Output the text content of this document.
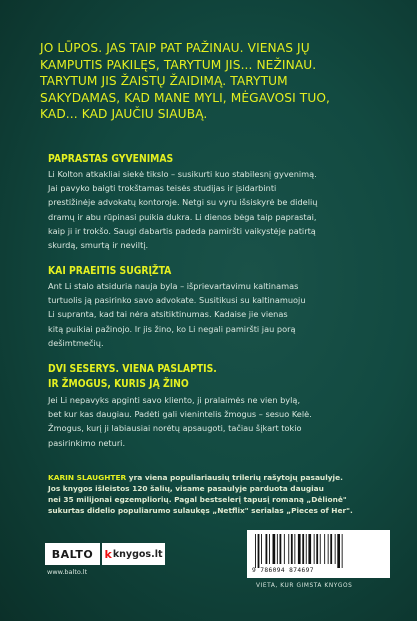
JO LŪPOS. JAS TAIP PAT PAŽINAU. VIENAS JŲ
KAMPUTIS PAKILĘS, TARYTUM JIS... NEŽINAU.
TARYTUM JIS ŽAISTŲ ŽAIDIMĄ. TARYTUM
SAKYDAMAS, KAD MANE MYLI, MĖGAVOSI TUO,
KAD... KAD JAUČIU SIAUBĄ.
PAPRASTAS GYVENIMAS
Li Kolton atkakliai siekė tikslo – susikurti kuo stabilesnį gyvenimą.
Jai pavyko baigti trokštamas teisės studijas ir įsidarbinti
prestižinėje advokatų kontoroje. Netgi su vyru išsiskyrė be didelių
dramų ir abu rūpinasi puikia dukra. Li dienos bėga taip paprastai,
kaip ji ir trokšo. Saugi dabartis padeda pamiršti vaikystėje patirtą
skurdą, smurtą ir neviltį.
KAI PRAEITIS SUGRĮŽTA
Ant Li stalo atsiduria nauja byla – išprievartavimu kaltinamas
turtuolis ją pasirinko savo advokate. Susitikusi su kaltinamuoju
Li supranta, kad tai nėra atsitiktinumas. Kadaise jie vienas
kitą puikiai pažinojo. Ir jis žino, ko Li negali pamiršti jau porą
dešimtmečių.
DVI SESERYS. VIENA PASLAPTIS.
IR ŽMOGUS, KURIS JĄ ŽINO
Jei Li nepavyks apginti savo kliento, ji pralaimės ne vien bylą,
bet kur kas daugiau. Padėti gali vienintelis žmogus – sesuo Kelė.
Žmogus, kurį ji labiausiai norėtų apsaugoti, tačiau šįkart tokio
pasirinkimo neturi.
KARIN SLAUGHTER yra viena populiariausių trilerių rašytojų pasaulyje.
Jos knygos išleistos 120 šalių, visame pasaulyje parduota daugiau
nei 35 milijonai egzempliorių. Pagal bestselerį tapusį romaną „Dėlionė"
sukurtas didelio populiarumo sulaukęs „Netflix" serialas „Pieces of Her".
BALTO	k knygos.lt
www.balto.lt	9 786094 874697
VIETA, KUR GIMSTA KNYGOS
